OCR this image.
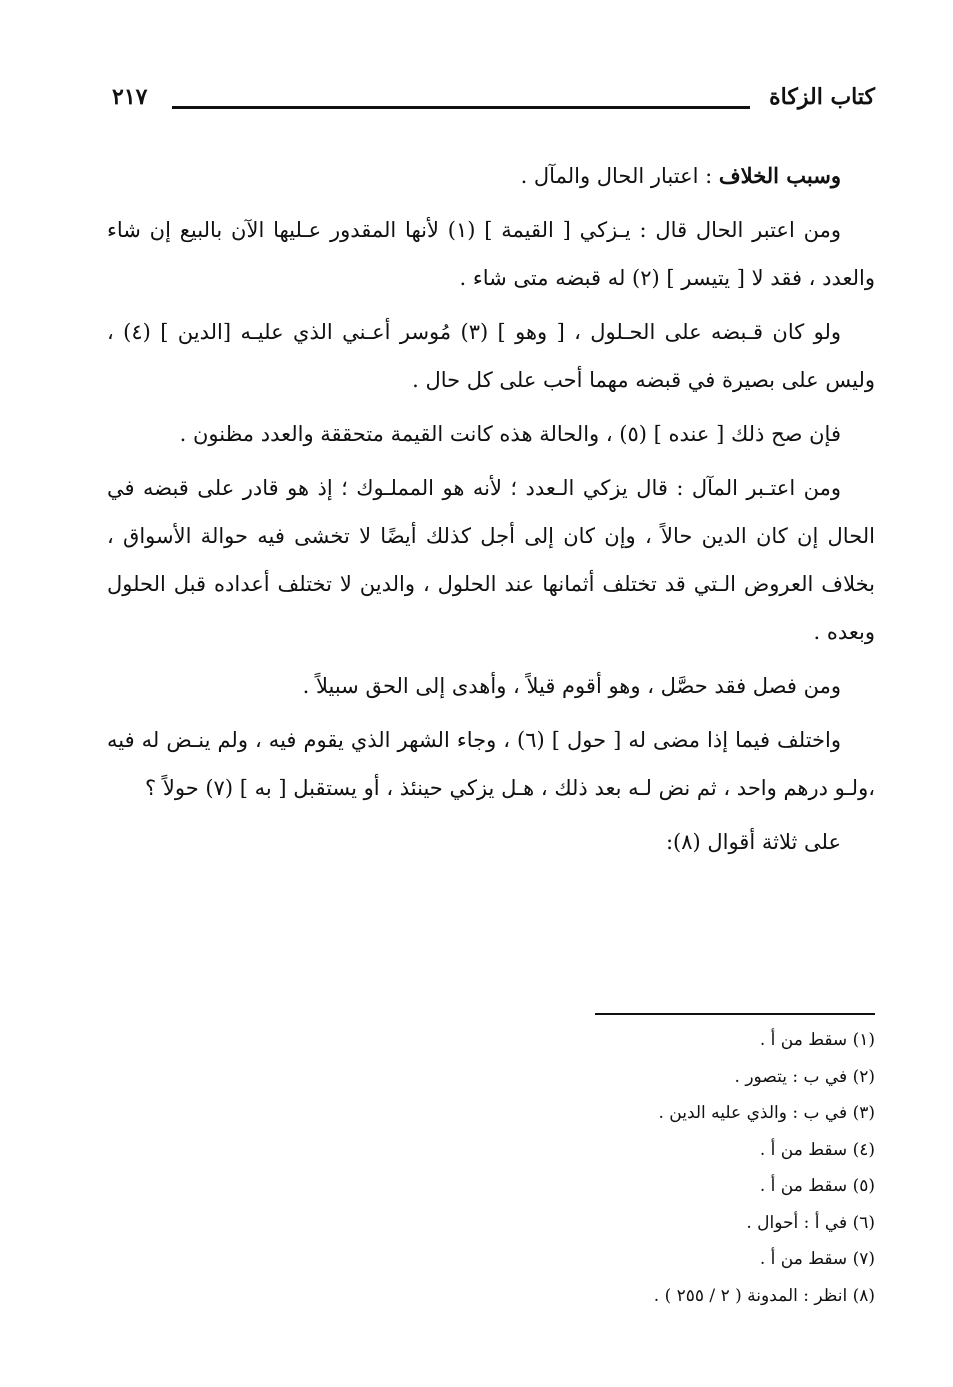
كتاب الزكاة
٢١٧

وسبب الخلاف : اعتبار الحال والمآل .

ومن اعتبر الحال قال : يـزكي [ القيمة ] (١) لأنها المقدور عـليها الآن بالبيع إن شاء والعدد ، فقد لا [ يتيسر ] (٢) له قبضه متى شاء .

ولو كان قـبضه على الحـلول ، [ وهو ] (٣) مُوسر أعـني الذي عليـه [الدين ] (٤) ، وليس على بصيرة في قبضه مهما أحب على كل حال .

فإن صح ذلك [ عنده ] (٥) ، والحالة هذه كانت القيمة متحققة والعدد مظنون .

ومن اعتـبر المآل : قال يزكي الـعدد ؛ لأنه هو المملـوك ؛ إذ هو قادر على قبضه في الحال إن كان الدين حالاً ، وإن كان إلى أجل كذلك أيضًا لا تخشى فيه حوالة الأسواق ، بخلاف العروض الـتي قد تختلف أثمانها عند الحلول ، والدين لا تختلف أعداده قبل الحلول وبعده .

ومن فصل فقد حصَّل ، وهو أقوم قيلاً ، وأهدى إلى الحق سبيلاً .

واختلف فيما إذا مضى له [ حول ] (٦) ، وجاء الشهر الذي يقوم فيه ، ولم ينـض له فيه ،ولـو درهم واحد ، ثم نض لـه بعد ذلك ، هـل يزكي حينئذ ، أو يستقبل [ به ] (٧) حولاً ؟

على ثلاثة أقوال (٨):

(١) سقط من أ .
(٢) في ب : يتصور .
(٣) في ب : والذي عليه الدين .
(٤) سقط من أ .
(٥) سقط من أ .
(٦) في أ : أحوال .
(٧) سقط من أ .
(٨) انظر : المدونة ( ٢ / ٢٥٥ ) .
